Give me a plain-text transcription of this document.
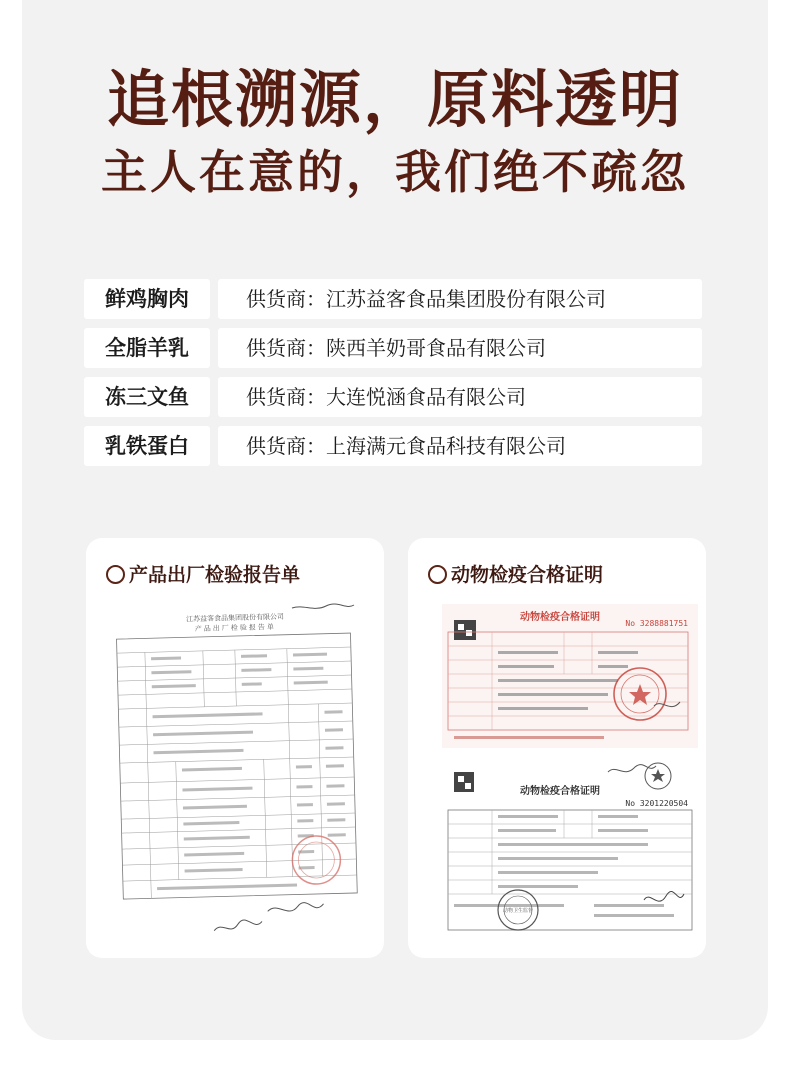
追根溯源，原料透明
主人在意的，我们绝不疏忽
鲜鸡胸肉	供货商：江苏益客食品集团股份有限公司
全脂羊乳	供货商：陕西羊奶哥食品有限公司
冻三文鱼	供货商：大连悦涵食品有限公司
乳铁蛋白	供货商：上海满元食品科技有限公司
产品出厂检验报告单
江苏益客食品集团股份有限公司
产品出厂检验报告单
动物检疫合格证明
动物检疫合格证明
No 3288881751
动物检疫合格证明
No 3201220504
动物卫生监督
